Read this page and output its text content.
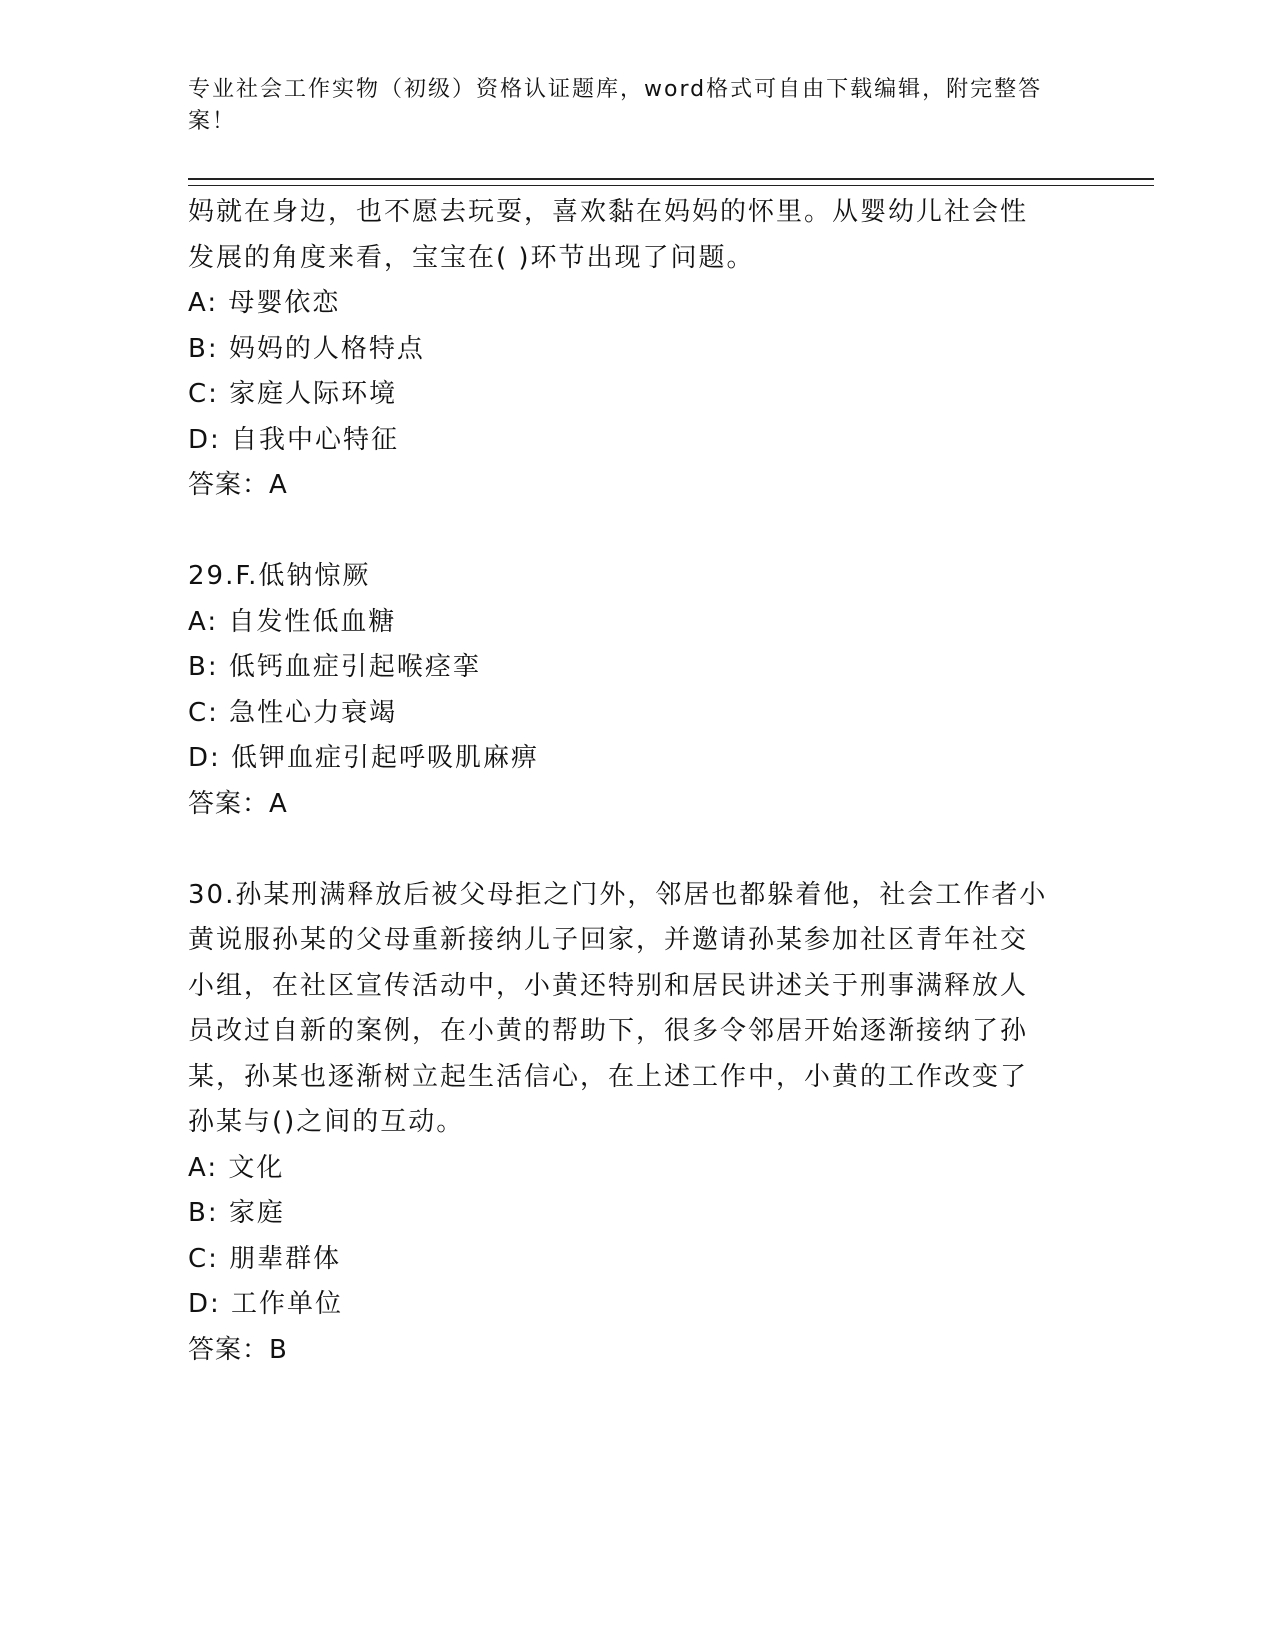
专业社会工作实物（初级）资格认证题库，word格式可自由下载编辑，附完整答
案！
妈就在身边，也不愿去玩耍，喜欢黏在妈妈的怀里。从婴幼儿社会性
发展的角度来看，宝宝在( )环节出现了问题。
A: 母婴依恋
B: 妈妈的人格特点
C: 家庭人际环境
D: 自我中心特征
答案：A
29.F.低钠惊厥
A: 自发性低血糖
B: 低钙血症引起喉痉挛
C: 急性心力衰竭
D: 低钾血症引起呼吸肌麻痹
答案：A
30.孙某刑满释放后被父母拒之门外，邻居也都躲着他，社会工作者小
黄说服孙某的父母重新接纳儿子回家，并邀请孙某参加社区青年社交
小组，在社区宣传活动中，小黄还特别和居民讲述关于刑事满释放人
员改过自新的案例，在小黄的帮助下，很多令邻居开始逐渐接纳了孙
某，孙某也逐渐树立起生活信心，在上述工作中，小黄的工作改变了
孙某与()之间的互动。
A: 文化
B: 家庭
C: 朋辈群体
D: 工作单位
答案：B
